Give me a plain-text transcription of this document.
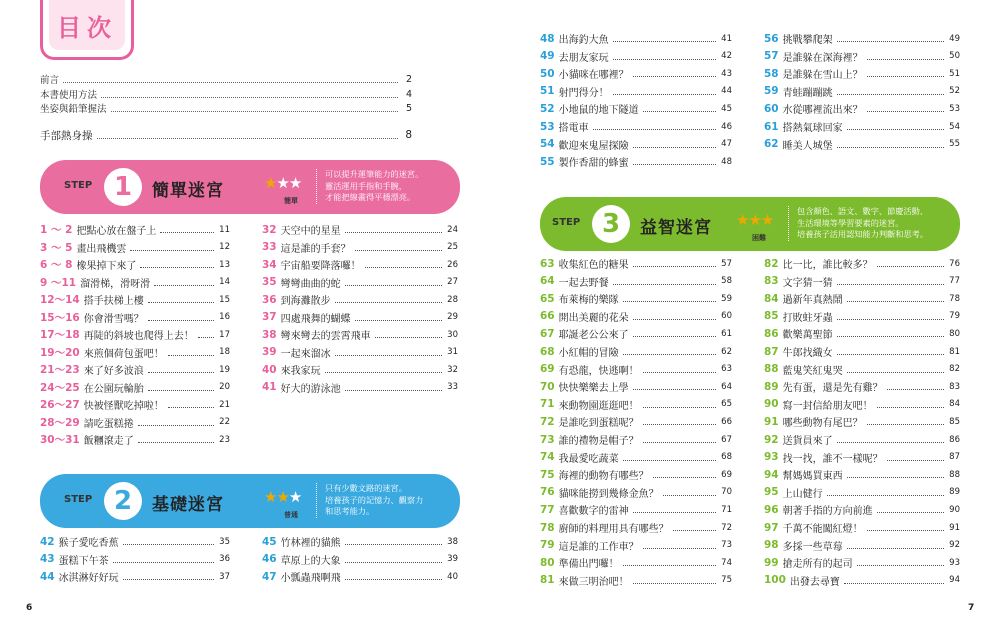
目次
前言	2
本書使用方法	4
坐姿與鉛筆握法	5
手部熱身操	8
STEP 1 簡單迷宮	★★★
簡單
可以提升運筆能力的迷宮。
靈活運用手指和手腕，
才能把線畫得平穩漂亮。
STEP 2 基礎迷宮	★★★
普通
只有少數文路的迷宮。
培養孩子的記憶力、觀察力
和思考能力。
STEP 3 益智迷宮 ★★★
困難
包含顏色、語文、數字、節慶活動、
生活環境等學習要素的迷宮。
培養孩子活用認知能力判斷和思考。
1 ～ 2 把點心放在盤子上	11
3 ～ 5 畫出飛機雲	12
6 ～ 8 橡果掉下來了	13
9 ～11 溜滑梯，滑呀滑	14
12～14 搭手扶梯上樓	15
15～16 你會滑雪嗎？	16
17～18 再陡的斜坡也爬得上去！	17
19～20 來煎個荷包蛋吧！	18
21～23 來了好多波浪	19
24～25 在公園玩輪胎	20
26～27 快被怪獸吃掉啦！	21
28～29 請吃蛋糕捲	22
30～31 飯糰滾走了	23
32 天空中的星星	24
33 這是誰的手套？	25
34 宇宙船要降落囉！	26
35 彎彎曲曲的蛇	27
36 到海灘散步	28
37 四處飛舞的蝴蝶	29
38 彎來彎去的雲霄飛車	30
39 一起來溜冰	31
40 來我家玩	32
41 好大的游泳池	33
42 猴子愛吃香蕉	35
43 蛋糕下午茶	36
44 冰淇淋好好玩	37
45 竹林裡的貓熊	38
46 草原上的大象	39
47 小瓢蟲飛啊飛	40
48 出海釣大魚	41
49 去朋友家玩	42
50 小貓咪在哪裡？	43
51 射門得分！	44
52 小地鼠的地下隧道	45
53 搭電車	46
54 歡迎來鬼屋探險	47
55 製作香甜的蜂蜜	48
56 挑戰攀爬架	49
57 是誰躲在深海裡？	50
58 是誰躲在雪山上？	51
59 青蛙蹦蹦跳	52
60 水從哪裡流出來？	53
61 搭熱氣球回家	54
62 睡美人城堡	55
63 收集紅色的糖果	57
64 一起去野餐	58
65 布萊梅的樂隊	59
66 開出美麗的花朵	60
67 耶誕老公公來了	61
68 小紅帽的冒險	62
69 有恐龍，快逃啊！	63
70 快快樂樂去上學	64
71 來動物園逛逛吧！	65
72 是誰吃到蛋糕呢？	66
73 誰的禮物是帽子？	67
74 我最愛吃蔬菜	68
75 海裡的動物有哪些？	69
76 貓咪能撈到幾條金魚？	70
77 喜歡數字的雷神	71
78 廚師的料理用具有哪些？	72
79 這是誰的工作車？	73
80 準備出門囉！	74
81 來做三明治吧！	75
82 比一比，誰比較多？	76
83 文字猜一猜	77
84 過新年真熱鬧	78
85 打敗蛀牙蟲	79
86 歡樂萬聖節	80
87 牛郎找織女	81
88 藍鬼笑紅鬼哭	82
89 先有蛋，還是先有雞？	83
90 寫一封信給朋友吧！	84
91 哪些動物有尾巴？	85
92 送貨員來了	86
93 找一找，誰不一樣呢？	87
94 幫媽媽買東西	88
95 上山健行	89
96 朝著手指的方向前進	90
97 千萬不能闖紅燈！	91
98 多採一些草莓	92
99 搶走所有的起司	93
100 出發去尋寶	94
6	7
